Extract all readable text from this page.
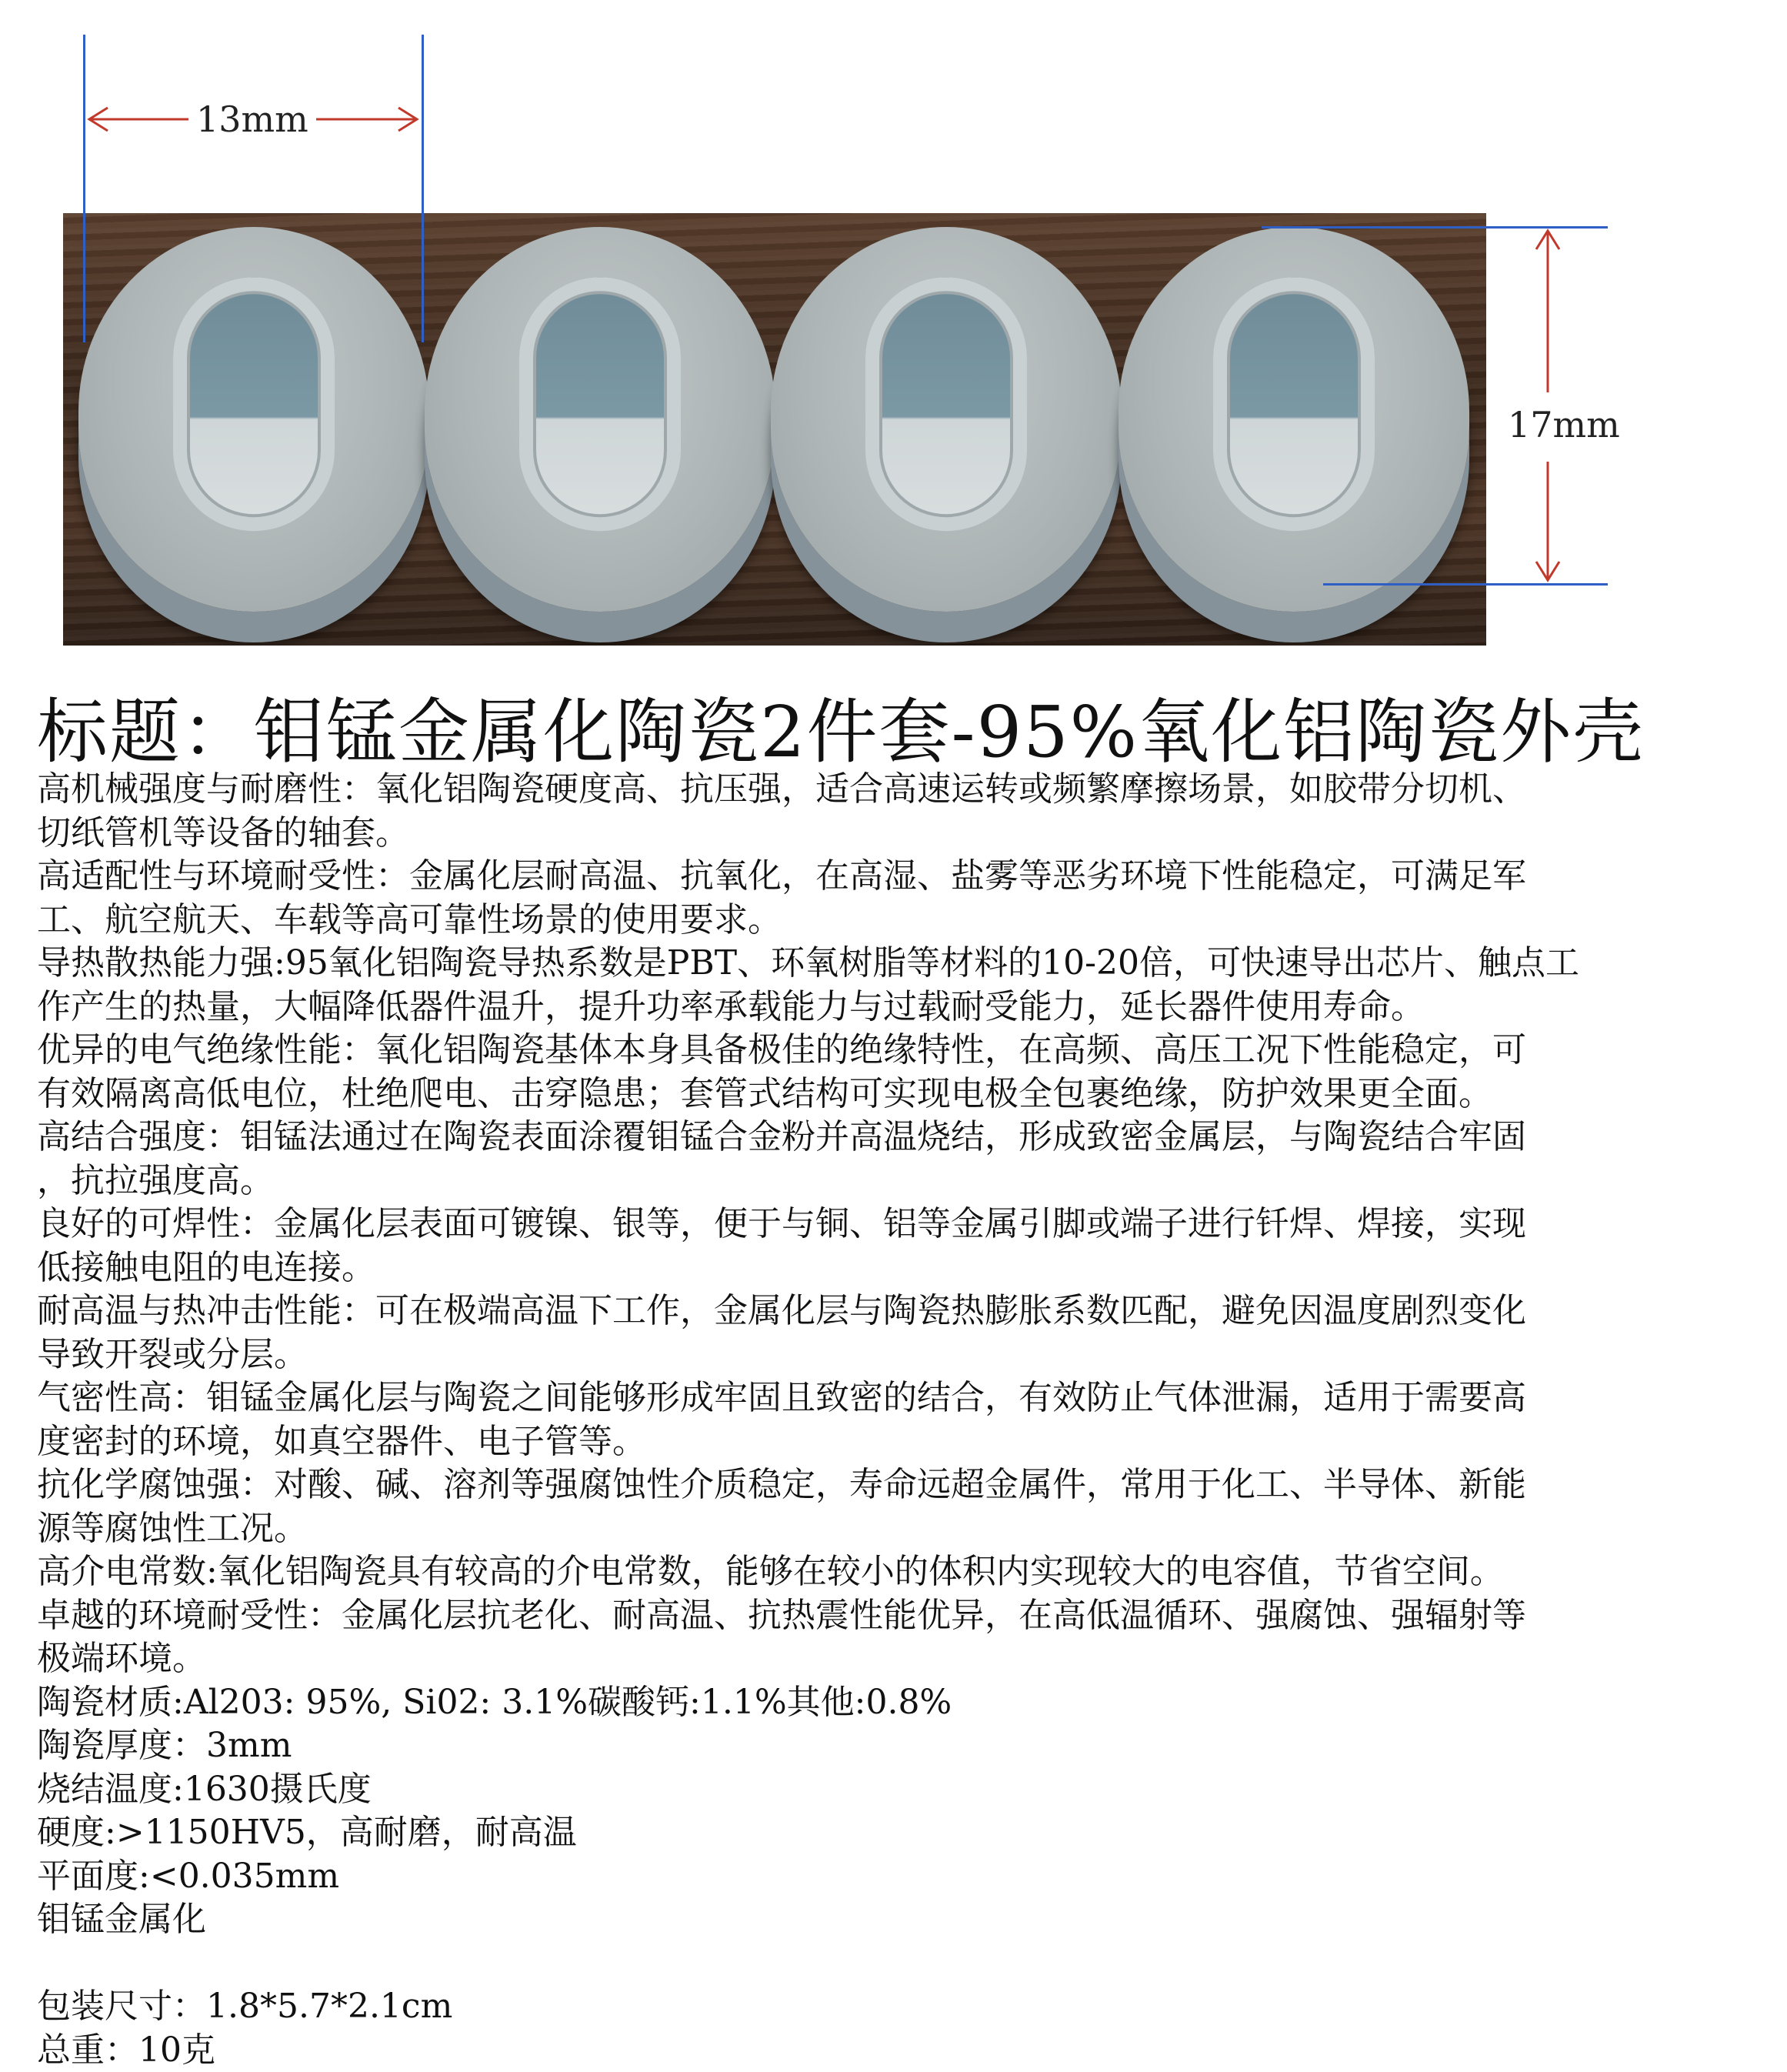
13mm
17mm
标题：钼锰金属化陶瓷2件套-95%氧化铝陶瓷外壳

高机械强度与耐磨性：氧化铝陶瓷硬度高、抗压强，适合高速运转或频繁摩擦场景，如胶带分切机、

切纸管机等设备的轴套。

高适配性与环境耐受性：金属化层耐高温、抗氧化，在高湿、盐雾等恶劣环境下性能稳定，可满足军

工、航空航天、车载等高可靠性场景的使用要求。

导热散热能力强:95氧化铝陶瓷导热系数是PBT、环氧树脂等材料的10-20倍，可快速导出芯片、触点工

作产生的热量，大幅降低器件温升，提升功率承载能力与过载耐受能力，延长器件使用寿命。

优异的电气绝缘性能：氧化铝陶瓷基体本身具备极佳的绝缘特性，在高频、高压工况下性能稳定，可

有效隔离高低电位，杜绝爬电、击穿隐患；套管式结构可实现电极全包裹绝缘，防护效果更全面。

高结合强度：钼锰法通过在陶瓷表面涂覆钼锰合金粉并高温烧结，形成致密金属层，与陶瓷结合牢固

，抗拉强度高。

良好的可焊性：金属化层表面可镀镍、银等，便于与铜、铝等金属引脚或端子进行钎焊、焊接，实现

低接触电阻的电连接。

耐高温与热冲击性能：可在极端高温下工作，金属化层与陶瓷热膨胀系数匹配，避免因温度剧烈变化

导致开裂或分层。

气密性高：钼锰金属化层与陶瓷之间能够形成牢固且致密的结合，有效防止气体泄漏，适用于需要高

度密封的环境，如真空器件、电子管等。

抗化学腐蚀强：对酸、碱、溶剂等强腐蚀性介质稳定，寿命远超金属件，常用于化工、半导体、新能

源等腐蚀性工况。

高介电常数:氧化铝陶瓷具有较高的介电常数，能够在较小的体积内实现较大的电容值，节省空间。

卓越的环境耐受性：金属化层抗老化、耐高温、抗热震性能优异，在高低温循环、强腐蚀、强辐射等

极端环境。

陶瓷材质:Al203: 95%, Si02: 3.1%碳酸钙:1.1%其他:0.8%

陶瓷厚度：3mm

烧结温度:1630摄氏度

硬度:>1150HV5，高耐磨，耐高温

平面度:<0.035mm

钼锰金属化

包装尺寸：1.8*5.7*2.1cm

总重：10克
